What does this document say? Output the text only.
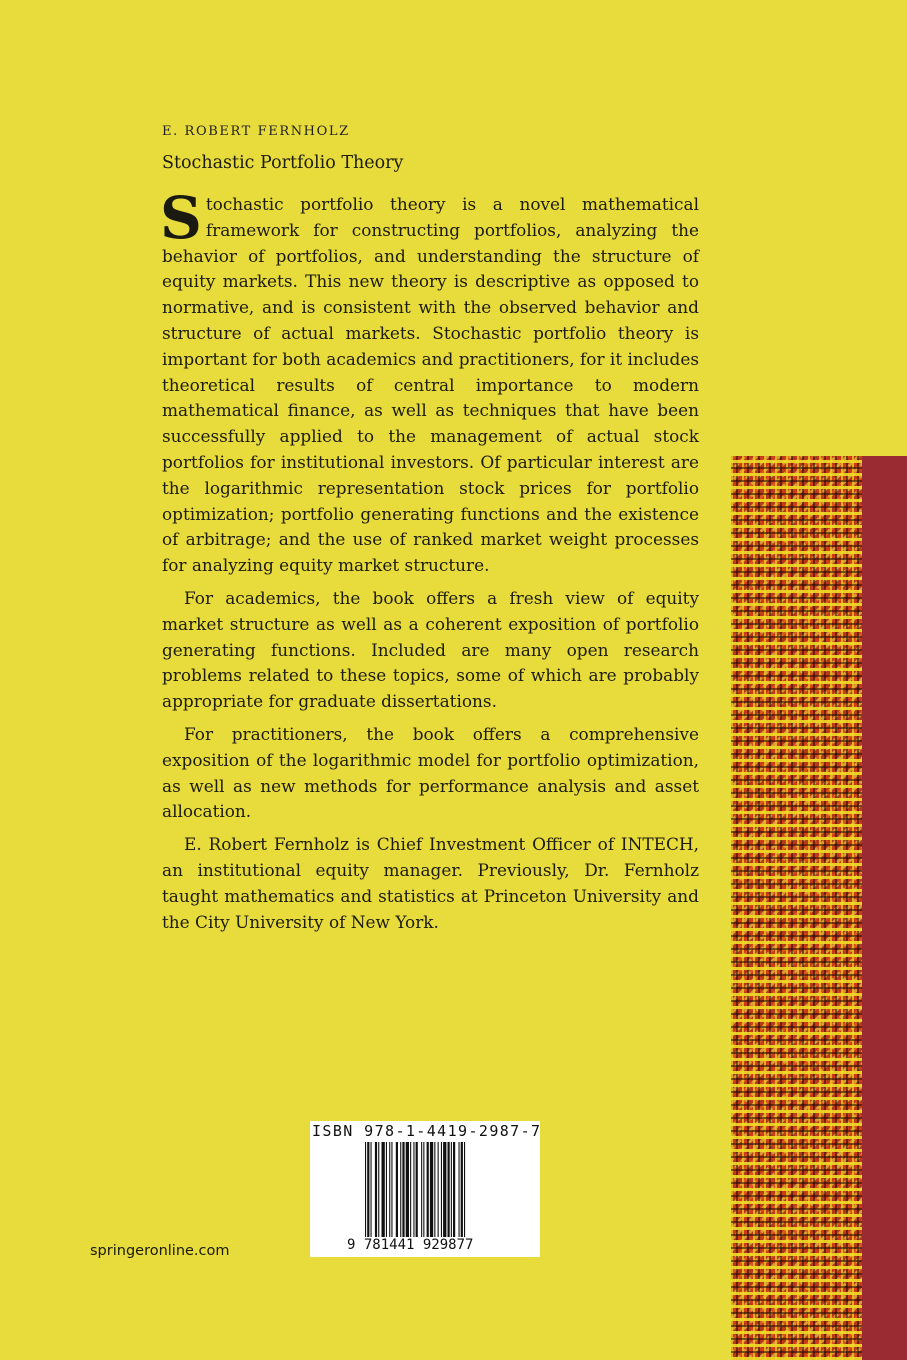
E. ROBERT FERNHOLZ
Stochastic Portfolio Theory

Stochastic portfolio theory is a novel mathematical framework for constructing portfolios, analyzing the behavior of portfolios, and understanding the structure of equity markets. This new theory is descriptive as opposed to normative, and is consistent with the observed behavior and structure of actual markets. Stochastic portfolio theory is important for both academics and practitioners, for it includes theoretical results of central importance to modern mathematical finance, as well as techniques that have been successfully applied to the management of actual stock portfolios for institutional investors. Of particular interest are the logarithmic representation stock prices for portfolio optimization; portfolio generating functions and the existence of arbitrage; and the use of ranked market weight processes for analyzing equity market structure.

For academics, the book offers a fresh view of equity market structure as well as a coherent exposition of portfolio generating functions. Included are many open research problems related to these topics, some of which are probably appropriate for graduate dissertations.

For practitioners, the book offers a comprehensive exposition of the logarithmic model for portfolio optimization, as well as new methods for performance analysis and asset allocation.

E. Robert Fernholz is Chief Investment Officer of INTECH, an institutional equity manager. Previously, Dr. Fernholz taught mathematics and statistics at Princeton University and the City University of New York.

ISBN 978-1-4419-2987-7
9 781441 929877
springeronline.com
